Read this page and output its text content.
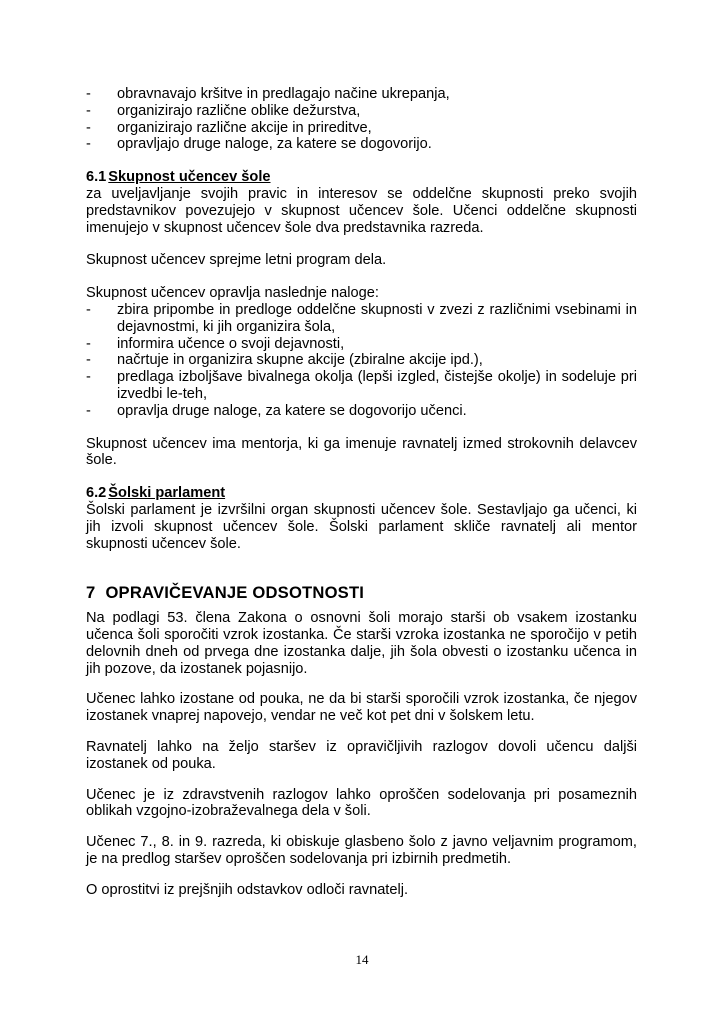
- obravnavajo kršitve in predlagajo načine ukrepanja,
- organizirajo različne oblike dežurstva,
- organizirajo različne akcije in prireditve,
- opravljajo druge naloge, za katere se dogovorijo.
6.1 Skupnost učencev šole

za uveljavljanje svojih pravic in interesov se oddelčne skupnosti preko svojih predstavnikov povezujejo v skupnost učencev šole. Učenci oddelčne skupnosti imenujejo v skupnost učencev šole dva predstavnika razreda.

Skupnost učencev sprejme letni program dela.

Skupnost učencev opravlja naslednje naloge:

- zbira pripombe in predloge oddelčne skupnosti v zvezi z različnimi vsebinami in dejavnostmi, ki jih organizira šola,
- informira učence o svoji dejavnosti,
- načrtuje in organizira skupne akcije (zbiralne akcije ipd.),
- predlaga izboljšave bivalnega okolja (lepši izgled, čistejše okolje) in sodeluje pri izvedbi le-teh,
- opravlja druge naloge, za katere se dogovorijo učenci.

Skupnost učencev ima mentorja, ki ga imenuje ravnatelj izmed strokovnih delavcev šole.

6.2 Šolski parlament

Šolski parlament je izvršilni organ skupnosti učencev šole. Sestavljajo ga učenci, ki jih izvoli skupnost učencev šole. Šolski parlament skliče ravnatelj ali mentor skupnosti učencev šole.

7 OPRAVIČEVANJE ODSOTNOSTI

Na podlagi 53. člena Zakona o osnovni šoli morajo starši ob vsakem izostanku učenca šoli sporočiti vzrok izostanka. Če starši vzroka izostanka ne sporočijo v petih delovnih dneh od prvega dne izostanka dalje, jih šola obvesti o izostanku učenca in jih pozove, da izostanek pojasnijo.

Učenec lahko izostane od pouka, ne da bi starši sporočili vzrok izostanka, če njegov izostanek vnaprej napovejo, vendar ne več kot pet dni v šolskem letu.

Ravnatelj lahko na željo staršev iz opravičljivih razlogov dovoli učencu daljši izostanek od pouka.

Učenec je iz zdravstvenih razlogov lahko oproščen sodelovanja pri posameznih oblikah vzgojno-izobraževalnega dela v šoli.

Učenec 7., 8. in 9. razreda, ki obiskuje glasbeno šolo z javno veljavnim programom, je na predlog staršev oproščen sodelovanja pri izbirnih predmetih.

O oprostitvi iz prejšnjih odstavkov odloči ravnatelj.

14
